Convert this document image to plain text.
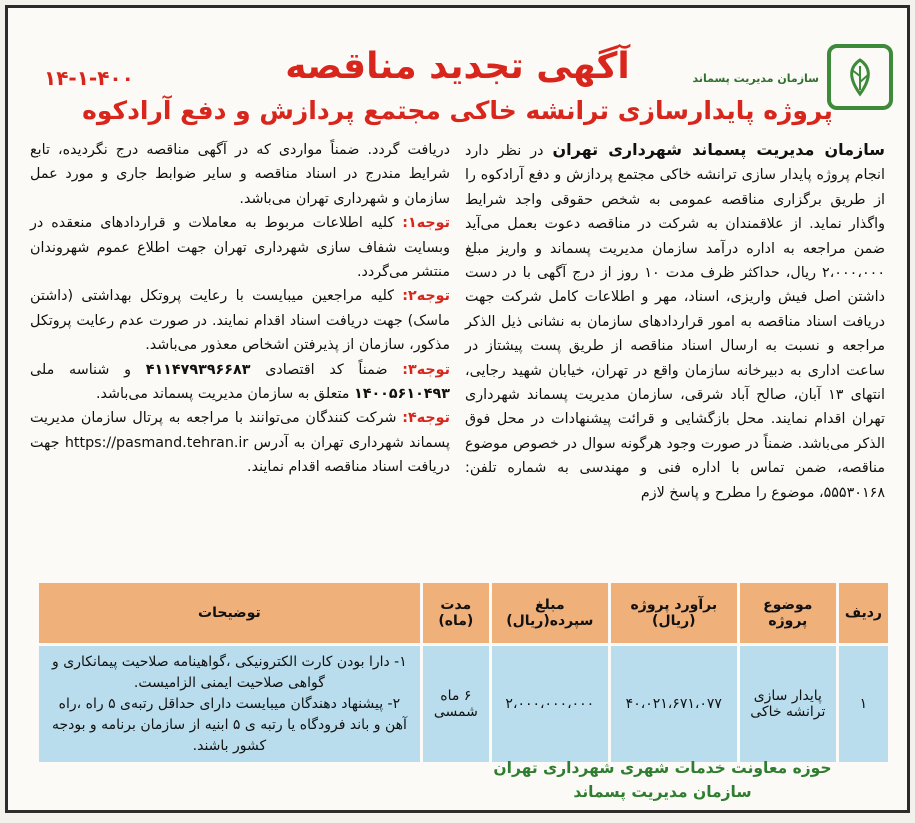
سازمان مدیریت پسماند
آگهی تجدید مناقصه
پروژه پایدارسازی ترانشه خاکی مجتمع پردازش و دفع آرادکوه
۱۴-۱-۴۰۰

سازمان مدیریت پسماند شهرداری تهران در نظر دارد انجام پروژه پایدار سازی ترانشه خاکی مجتمع پردازش و دفع آرادکوه را از طریق برگزاری مناقصه عمومی به شخص حقوقی واجد شرایط واگذار نماید. از علاقمندان به شرکت در مناقصه دعوت بعمل می‌آید ضمن مراجعه به اداره درآمد سازمان مدیریت پسماند و واریز مبلغ ۲،۰۰۰،۰۰۰ ریال، حداکثر ظرف مدت ۱۰ روز از درج آگهی با در دست داشتن اصل فیش واریزی، اسناد، مهر و اطلاعات کامل شرکت جهت دریافت اسناد مناقصه به امور قراردادهای سازمان به نشانی ذیل الذکر مراجعه و نسبت به ارسال اسناد مناقصه از طریق پست پیشتاز در ساعت اداری به دبیرخانه سازمان واقع در تهران، خیابان شهید رجایی، انتهای ۱۳ آبان، صالح آباد شرقی، سازمان مدیریت پسماند شهرداری تهران اقدام نمایند. محل بازگشایی و قرائت پیشنهادات در محل فوق الذکر می‌باشد. ضمناً در صورت وجود هرگونه سوال در خصوص موضوع مناقصه، ضمن تماس با اداره فنی و مهندسی به شماره تلفن: ۵۵۵۳۰۱۶۸، موضوع را مطرح و پاسخ لازم

دریافت گردد. ضمناً مواردی که در آگهی مناقصه درج نگردیده، تابع شرایط مندرج در اسناد مناقصه و سایر ضوابط جاری و مورد عمل سازمان و شهرداری تهران می‌باشد.

توجه۱: کلیه اطلاعات مربوط به معاملات و قراردادهای منعقده در وبسایت شفاف سازی شهرداری تهران جهت اطلاع عموم شهروندان منتشر می‌گردد.

توجه۲: کلیه مراجعین میبایست با رعایت پروتکل بهداشتی (داشتن ماسک) جهت دریافت اسناد اقدام نمایند. در صورت عدم رعایت پروتکل مذکور، سازمان از پذیرفتن اشخاص معذور می‌باشد.

توجه۳: ضمناً کد اقتصادی ۴۱۱۴۷۹۳۹۶۶۸۳ و شناسه ملی ۱۴۰۰۵۶۱۰۴۹۳ متعلق به سازمان مدیریت پسماند می‌باشد.

توجه۴: شرکت کنندگان می‌توانند با مراجعه به پرتال سازمان مدیریت پسماند شهرداری تهران به آدرس https://pasmand.tehran.ir جهت دریافت اسناد مناقصه اقدام نمایند.

ردیف	موضوع پروژه	برآورد پروژه (ریال)	مبلغ سپرده(ریال)	مدت (ماه)	توضیحات
۱	پایدار سازی ترانشه خاکی	۴۰،۰۲۱،۶۷۱،۰۷۷	۲،۰۰۰،۰۰۰،۰۰۰	۶ ماه شمسی	۱- دارا بودن کارت الکترونیکی ،گواهینامه صلاحیت پیمانکاری و گواهی صلاحیت ایمنی الزامیست.
۲- پیشنهاد دهندگان میبایست دارای حداقل رتبه‌ی ۵ راه ،راه آهن و باند فرودگاه یا رتبه ی ۵ ابنیه از سازمان برنامه و بودجه کشور باشند.
حوزه معاونت خدمات شهری شهرداری تهران
سازمان مدیریت پسماند
